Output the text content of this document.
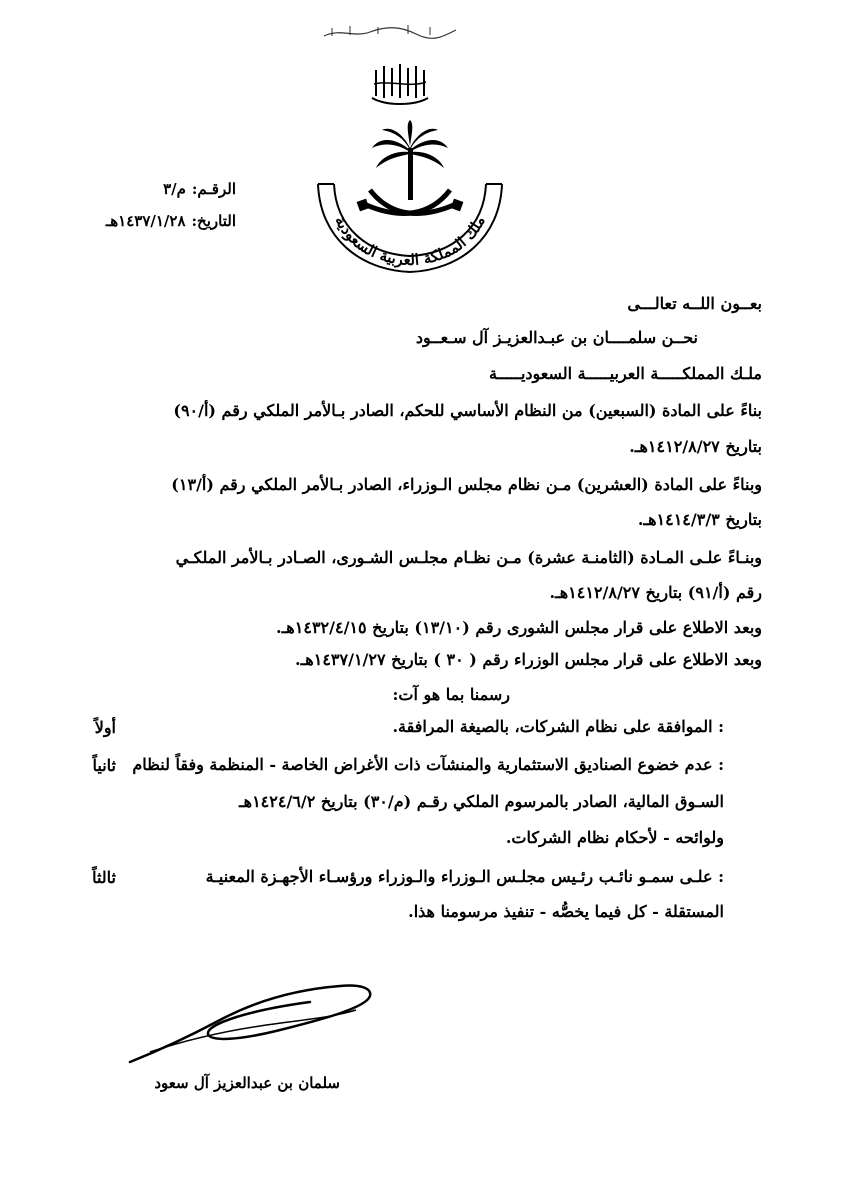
ملك المملكة العربية السعودية
الرقـم:م/٣
التاريخ:١٤٣٧/١/٢٨هـ
بعــون اللــه تعالـــى
نحــن سلمــــان بن عبـدالعزيـز آل سـعــود
ملـك المملكـــــة العربيـــــة السعوديـــــة
بناءً على المادة (السبعين) من النظام الأساسي للحكم، الصادر بـالأمر الملكي رقم (أ/٩٠)
بتاريخ ١٤١٢/٨/٢٧هـ.
وبناءً على المادة (العشرين) مـن نظام مجلس الـوزراء، الصادر بـالأمر الملكي رقم (أ/١٣)
بتاريخ ١٤١٤/٣/٣هـ.
وبنـاءً علـى المـادة (الثامنـة عشرة) مـن نظـام مجلـس الشـورى، الصـادر بـالأمر الملكـي
رقم (أ/٩١) بتاريخ ١٤١٢/٨/٢٧هـ.
وبعد الاطلاع على قرار مجلس الشورى رقم (١٣/١٠) بتاريخ ١٤٣٢/٤/١٥هـ.
وبعد الاطلاع على قرار مجلس الوزراء رقم ( ٣٠ ) بتاريخ ١٤٣٧/١/٢٧هـ.
رسمنا بما هو آت:
أولاً	: الموافقة على نظام الشركات، بالصيغة المرافقة.
ثانياً : عدم خضوع الصناديق الاستثمارية والمنشآت ذات الأغراض الخاصة - المنظمة وفقاً لنظام
السـوق المالية، الصادر بالمرسوم الملكي رقـم (م/٣٠) بتاريخ ١٤٢٤/٦/٢هـ
ولوائحه - لأحكام نظام الشركات.
ثالثاً	: علـى سمـو نائـب رئـيس مجلـس الـوزراء والـوزراء ورؤسـاء الأجهـزة المعنيـة
المستقلة - كل فيما يخصُّه - تنفيذ مرسومنا هذا.
سلمان بن عبدالعزيز آل سعود
